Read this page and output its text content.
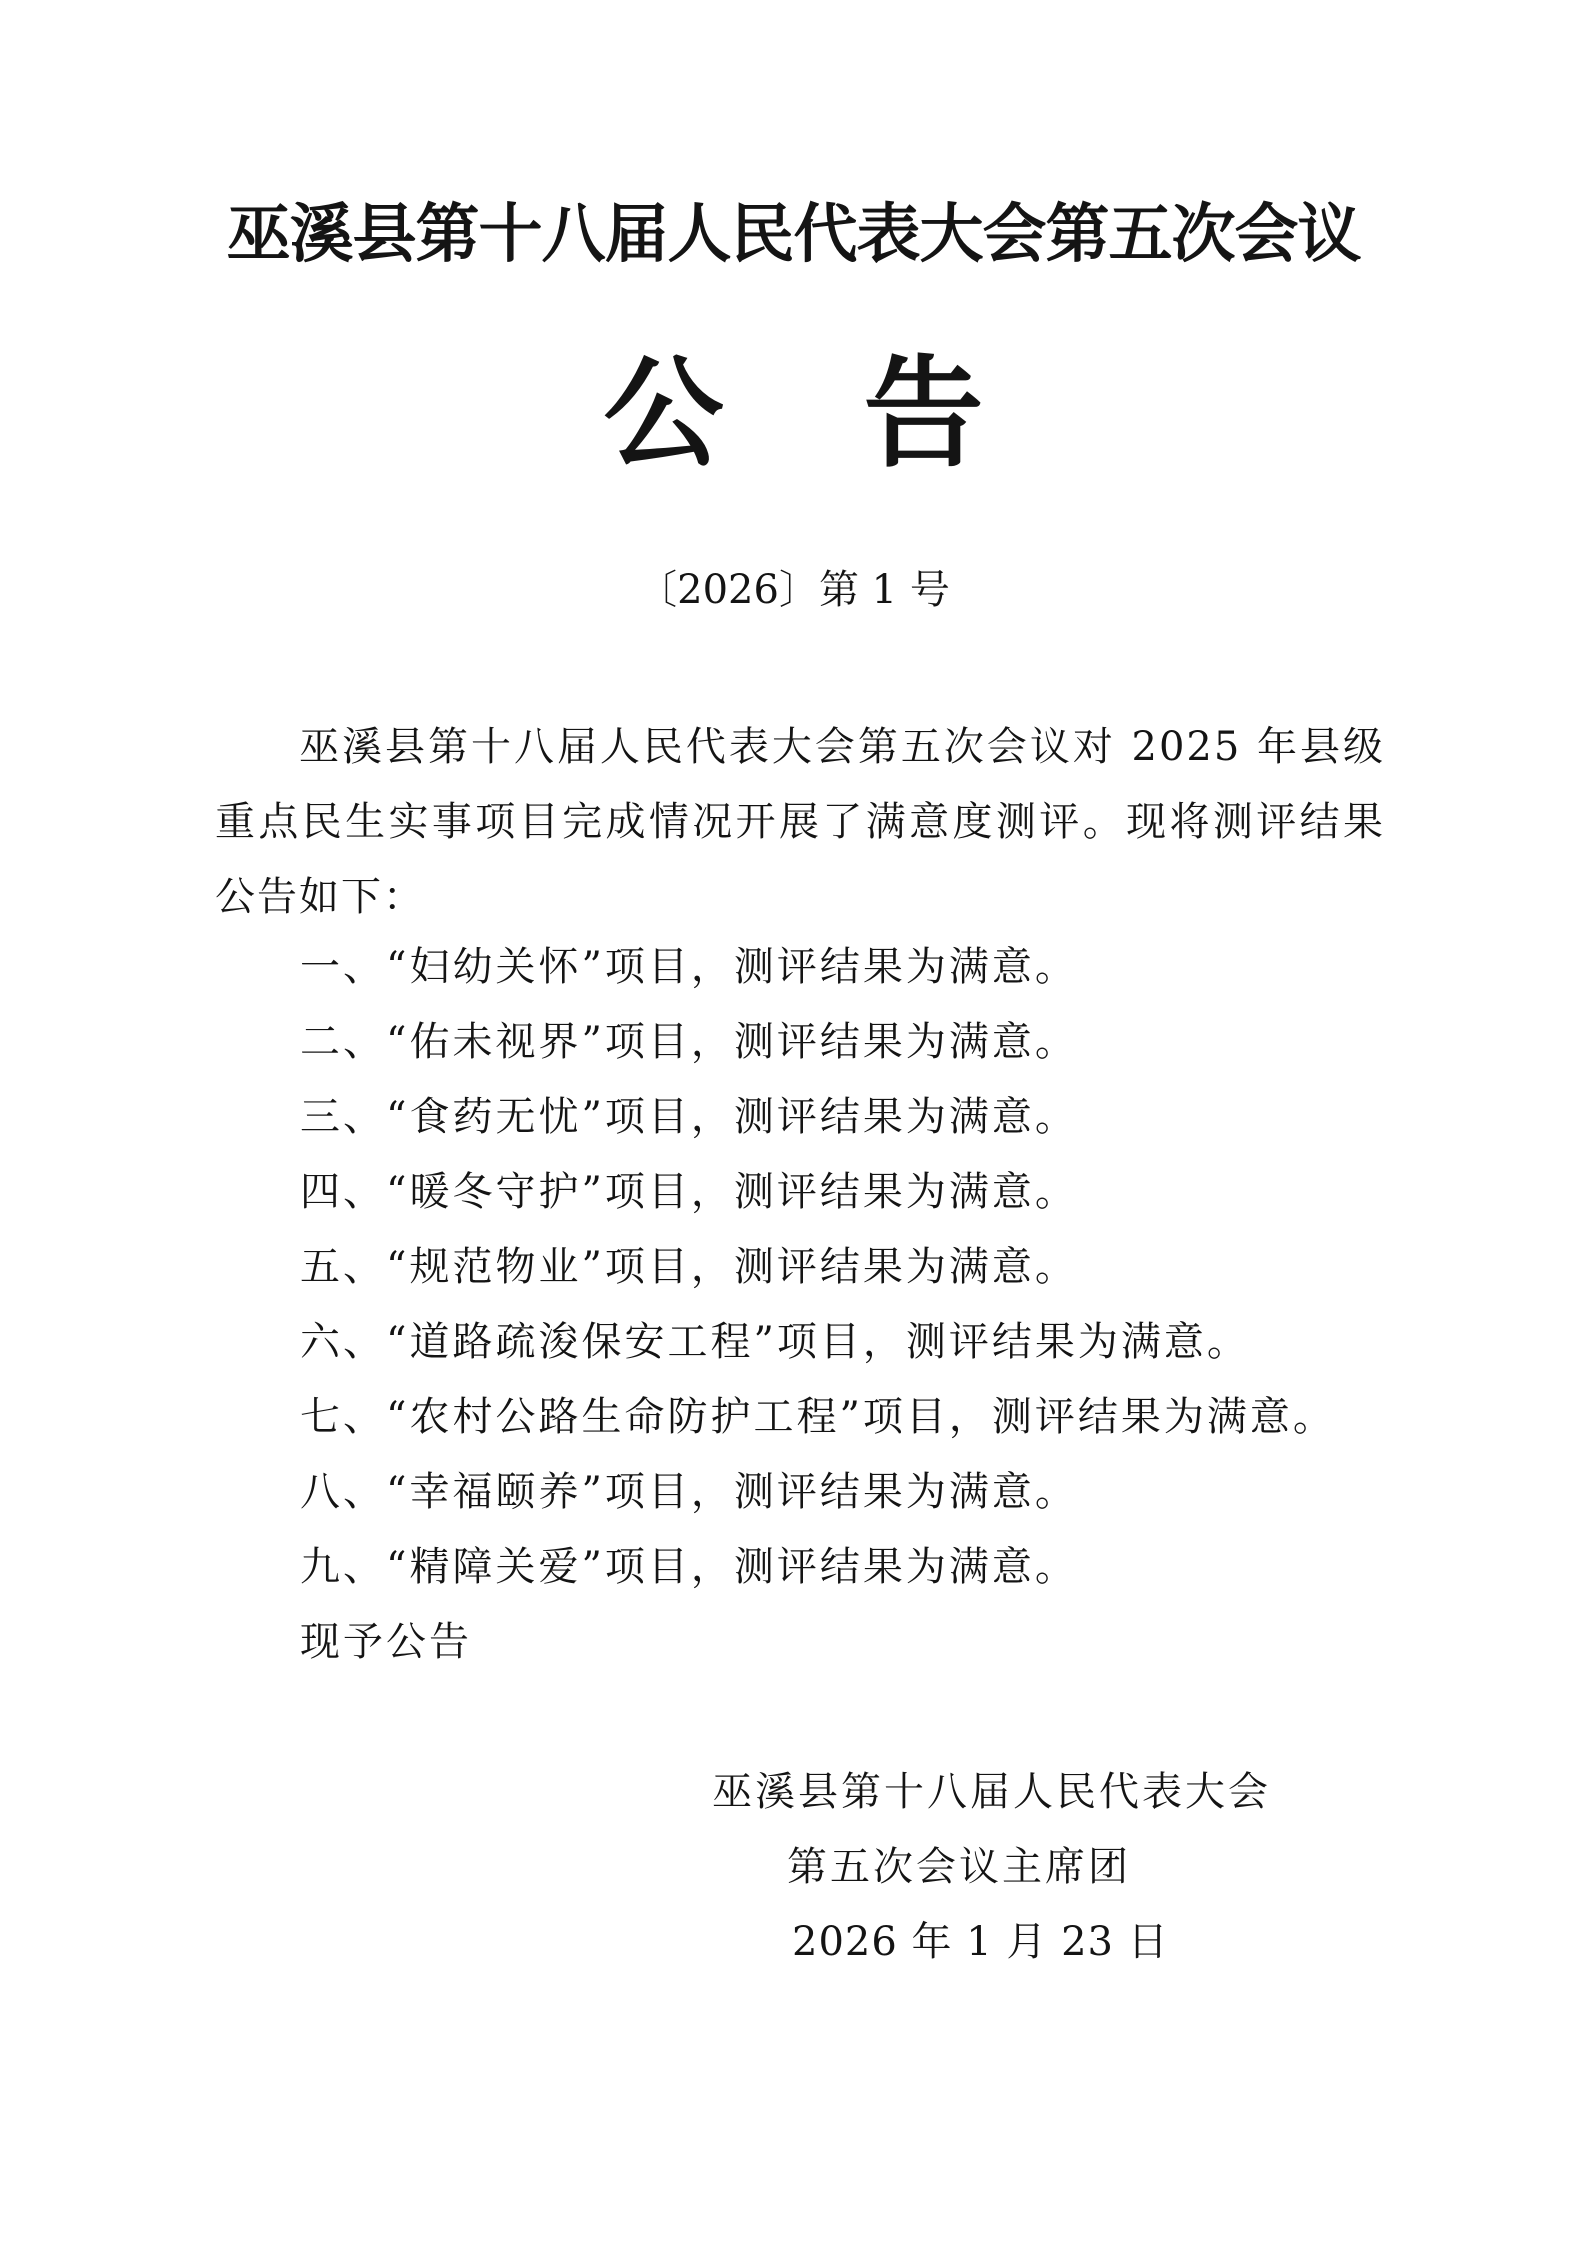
巫溪县第十八届人民代表大会第五次会议
公 告
〔2026〕第 1 号
巫溪县第十八届人民代表大会第五次会议对 2025 年县级重点民生实事项目完成情况开展了满意度测评。现将测评结果公告如下：
一、“妇幼关怀”项目，测评结果为满意。
二、“佑未视界”项目，测评结果为满意。
三、“食药无忧”项目，测评结果为满意。
四、“暖冬守护”项目，测评结果为满意。
五、“规范物业”项目，测评结果为满意。
六、“道路疏浚保安工程”项目，测评结果为满意。
七、“农村公路生命防护工程”项目，测评结果为满意。
八、“幸福颐养”项目，测评结果为满意。
九、“精障关爱”项目，测评结果为满意。
现予公告
巫溪县第十八届人民代表大会
第五次会议主席团
2026 年 1 月 23 日
